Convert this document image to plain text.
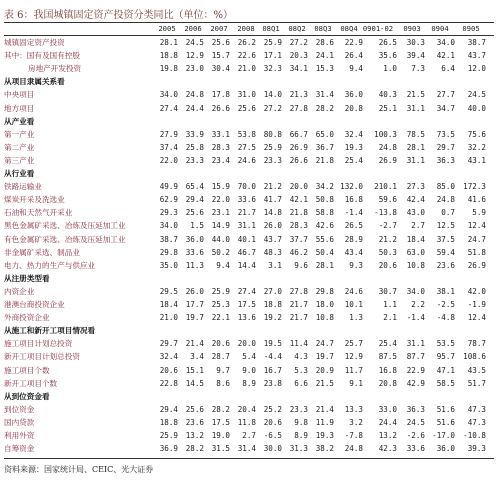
表 6：我国城镇固定资产投资分类同比（单位：%）
2005	2006	2007	2008	08Q1	08Q2	08Q3	08Q4 0901-02	0903	0904	0905
城镇固定资产投资	28.1	24.5	25.6	26.2	25.9	27.2	28.6	22.9	26.5	30.3	34.0	38.7
其中：国有及国有控股	18.8	12.9	15.7	22.6	17.1	20.3	24.1	26.4	35.6	39.4	42.1	43.7
房地产开发投资	19.8	23.0	30.4	21.0	32.3	34.1	15.3	9.4	1.0	7.3	6.4	12.0
从项目隶属关系看
中央项目	34.0	24.8	17.8	31.0	14.0	21.3	31.4	36.0	40.3	21.5	27.7	24.5
地方项目	27.4	24.4	26.6	25.6	27.2	27.8	28.2	20.8	25.1	31.1	34.7	40.0
从产业看
第一产业	27.9	33.9	33.1	53.8	80.8	66.7	65.0	32.4	100.3	78.5	73.5	75.6
第二产业	37.4	25.8	28.3	27.5	25.9	26.9	36.7	19.3	24.8	28.1	29.7	32.2
第三产业	22.0	23.3	23.4	24.6	23.3	26.6	21.8	25.4	26.9	31.1	36.3	43.1
从行业看
铁路运输业	49.9	65.4	15.9	70.0	21.2	20.0	34.2 132.0	210.1	27.3	85.0	172.3
煤炭开采及洗选业	62.9	29.4	22.0	33.6	41.7	42.1	50.8	16.8	59.6	42.4	24.8	41.6
石油和天然气开采业	29.3	25.6	23.1	21.7	14.8	21.8	58.8	-1.4	-13.8	43.0	0.7	5.9
黑色金属矿采选、冶炼及压延加工业	34.0	1.5	14.9	31.1	26.0	28.3	42.6	26.5	-2.7	2.7	12.5	12.4
有色金属矿采选、冶炼及压延加工业	38.7	36.0	44.0	40.1	43.7	37.7	55.6	28.9	21.2	18.4	37.5	24.7
非金属矿采选、制品业	29.8	33.6	50.2	46.7	48.3	46.2	50.4	43.4	50.3	63.0	59.4	51.8
电力、热力的生产与供应业	35.0	11.3	9.4	14.4	3.1	9.6	28.1	9.3	20.6	10.8	23.6	26.9
从注册类型看
内资企业	29.5	26.0	25.9	27.4	27.0	27.8	29.8	24.6	30.7	34.0	38.1	42.0
港澳台商投资企业	18.4	17.7	25.3	17.5	18.8	21.7	18.0	10.1	1.1	2.2	-2.5	-1.9
外商投资企业	21.0	19.7	22.1	13.6	19.2	21.7	10.8	1.3	2.1	-1.4	-4.8	12.4
从施工和新开工项目情况看
施工项目计划总投资	29.7	21.4	20.6	20.0	19.5	11.4	24.7	25.7	25.4	31.1	53.5	78.7
新开工项目计划总投资	32.4	3.4	28.7	5.4	-4.4	4.3	19.7	12.9	87.5	87.7	95.7	108.6
施工项目个数	20.6	15.1	9.7	9.0	16.7	5.3	20.9	11.7	16.8	22.9	47.1	43.5
新开工项目个数	22.8	14.5	8.6	8.9	23.8	6.6	21.5	9.1	20.8	42.9	58.5	51.7
从到位资金看
到位资金	29.4	25.6	28.2	20.4	25.2	23.3	21.4	13.3	33.0	36.3	51.6	47.3
国内贷款	18.8	23.6	17.5	11.8	20.6	9.8	11.9	3.2	24.4	24.5	51.6	47.3
利用外资	25.9	13.2	19.0	2.7	-6.5	8.9	19.3	-7.8	13.2	-2.6 -17.0	-10.8
自筹资金	36.9	28.2	31.5	31.4	30.0	31.3	38.2	24.8	42.3	33.6	36.0	39.3
资料来源：国家统计局、CEIC、光大证券
